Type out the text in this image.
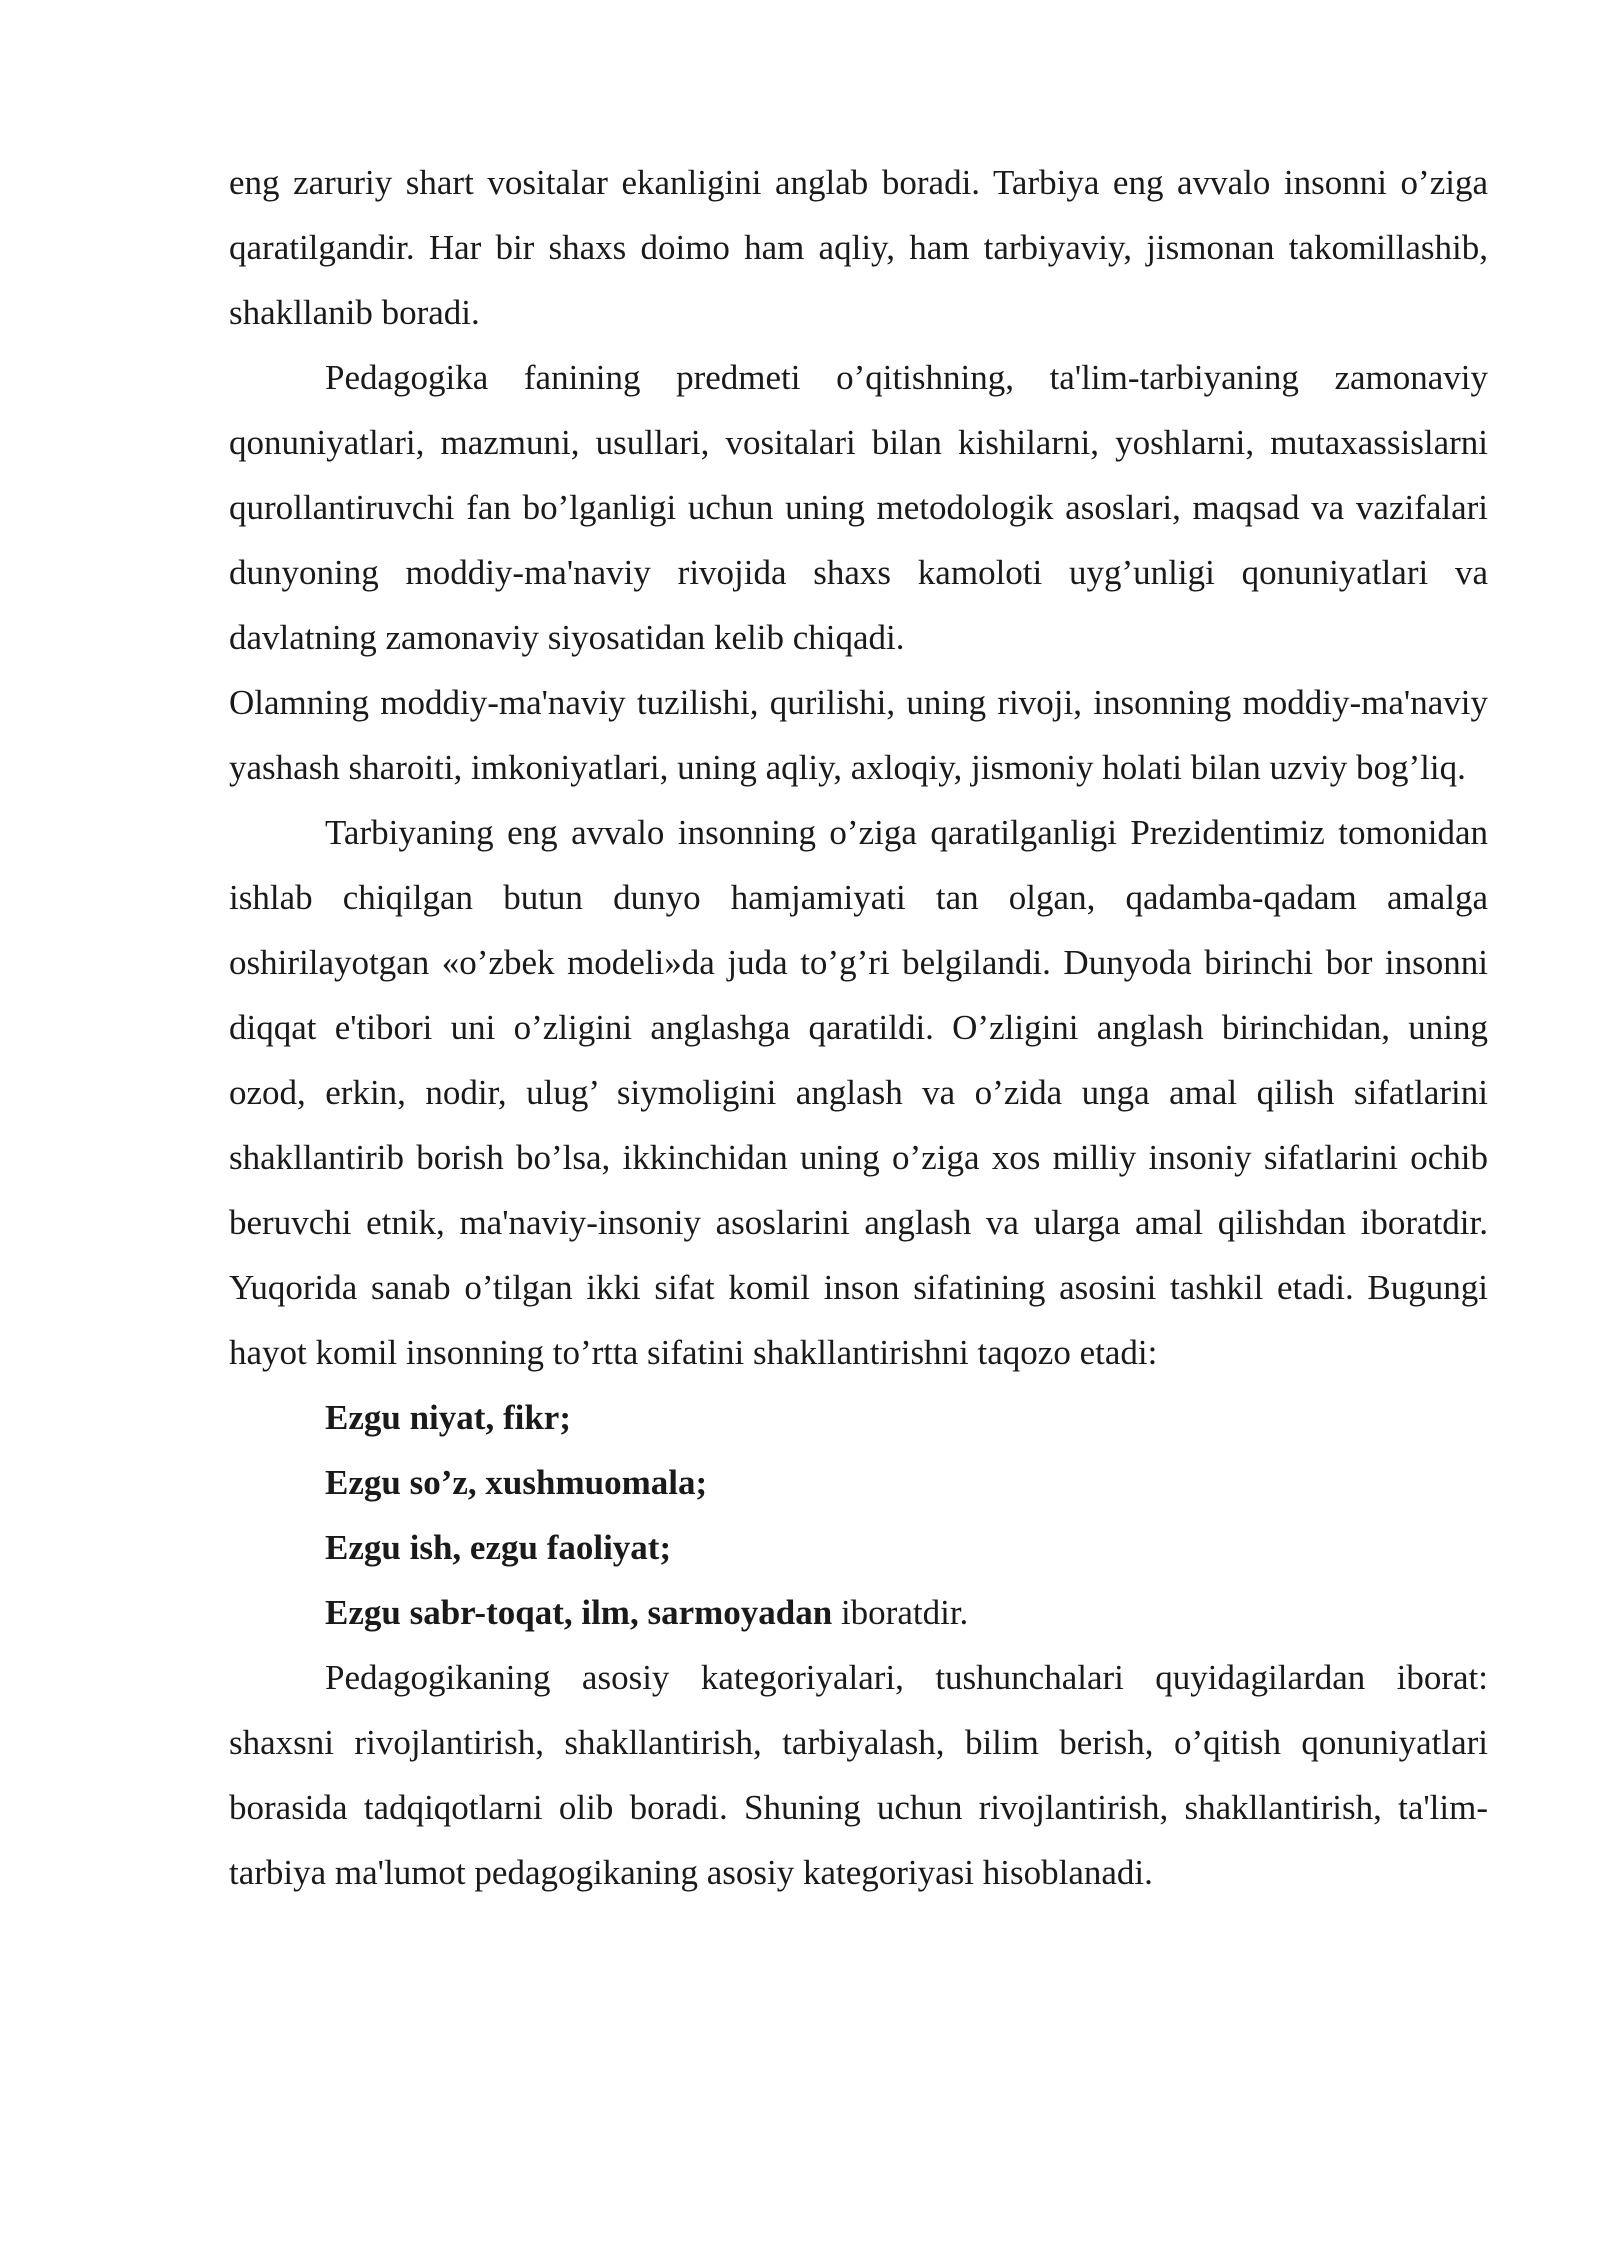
eng zaruriy shart vositalar ekanligini anglab boradi. Tarbiya eng avvalo insonni o’ziga qaratilgandir. Har bir shaxs doimo ham aqliy, ham tarbiyaviy, jismonan takomillashib, shakllanib boradi.

Pedagogika fanining predmeti o’qitishning, ta'lim-tarbiyaning zamonaviy qonuniyatlari, mazmuni, usullari, vositalari bilan kishilarni, yoshlarni, mutaxassislarni qurollantiruvchi fan bo’lganligi uchun uning metodologik asoslari, maqsad va vazifalari dunyoning moddiy-ma'naviy rivojida shaxs kamoloti uyg’unligi qonuniyatlari va davlatning zamonaviy siyosatidan kelib chiqadi.

Olamning moddiy-ma'naviy tuzilishi, qurilishi, uning rivoji, insonning moddiy-ma'naviy yashash sharoiti, imkoniyatlari, uning aqliy, axloqiy, jismoniy holati bilan uzviy bog’liq.

Tarbiyaning eng avvalo insonning o’ziga qaratilganligi Prezidentimiz tomonidan ishlab chiqilgan butun dunyo hamjamiyati tan olgan, qadamba-qadam amalga oshirilayotgan «o’zbek modeli»da juda to’g’ri belgilandi. Dunyoda birinchi bor insonni diqqat e'tibori uni o’zligini anglashga qaratildi. O’zligini anglash birinchidan, uning ozod, erkin, nodir, ulug’ siymoligini anglash va o’zida unga amal qilish sifatlarini shakllantirib borish bo’lsa, ikkinchidan uning o’ziga xos milliy insoniy sifatlarini ochib beruvchi etnik, ma'naviy-insoniy asoslarini anglash va ularga amal qilishdan iboratdir. Yuqorida sanab o’tilgan ikki sifat komil inson sifatining asosini tashkil etadi. Bugungi hayot komil insonning to’rtta sifatini shakllantirishni taqozo etadi:

Ezgu niyat, fikr;
Ezgu so’z, xushmuomala;
Ezgu ish, ezgu faoliyat;
Ezgu sabr-toqat, ilm, sarmoyadan iboratdir.

Pedagogikaning asosiy kategoriyalari, tushunchalari quyidagilardan iborat: shaxsni rivojlantirish, shakllantirish, tarbiyalash, bilim berish, o’qitish qonuniyatlari borasida tadqiqotlarni olib boradi. Shuning uchun rivojlantirish, shakllantirish, ta'lim-tarbiya ma'lumot pedagogikaning asosiy kategoriyasi hisoblanadi.
